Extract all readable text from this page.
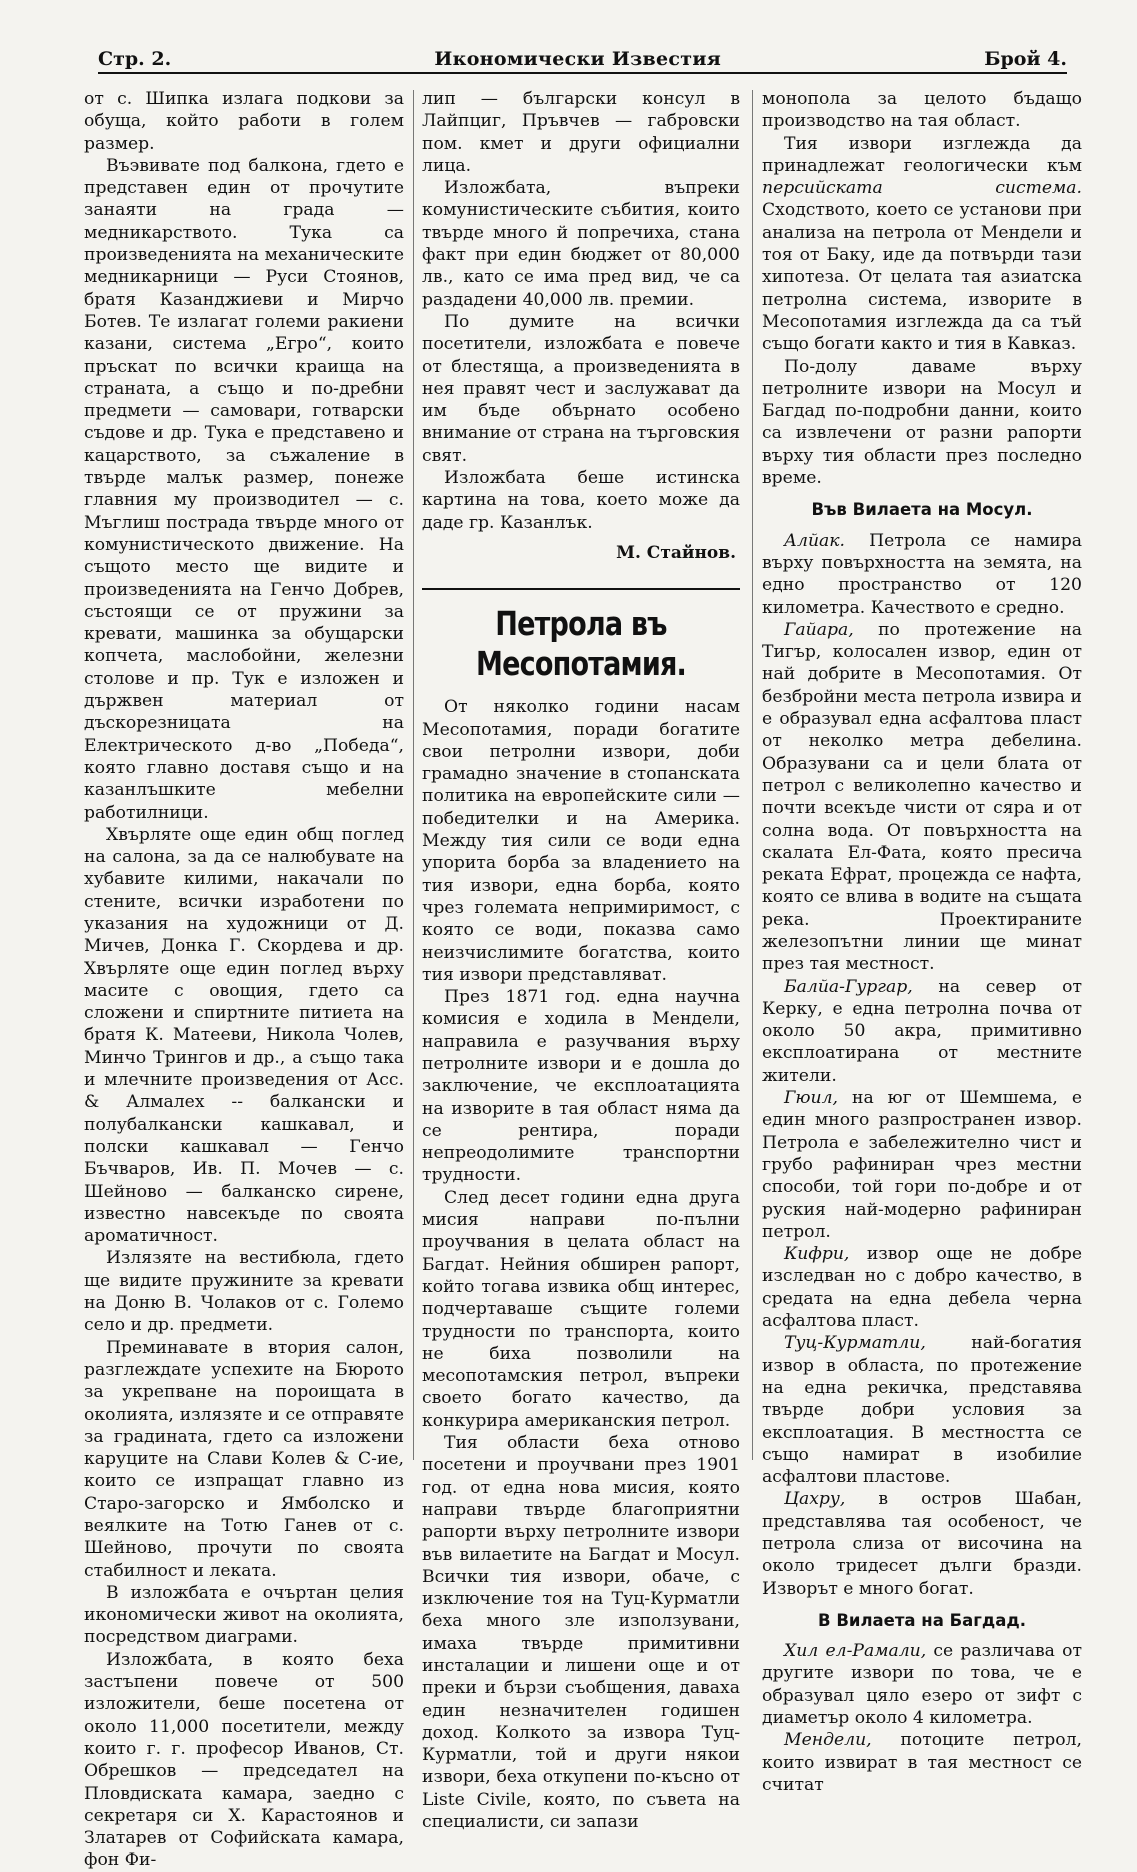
Стр. 2.	Икономически Известия	Брой 4.

от с. Шипка излага подкови за обуща, който работи в голем размер.

Въэвивате под балкона, гдето е представен един от прочутите занаяти на града — медникарството. Тука са произведенията на механическите медникарници — Руси Стоянов, братя Казанджиеви и Мирчо Ботев. Те излагат големи ракиени казани, система „Егро“, които пръскат по всички краища на страната, а също и по-дребни предмети — самовари, готварски съдове и др. Тука е представено и кацарството, за съжаление в твърде малък размер, понеже главния му производител — с. Мъглиш пострада твърде много от комунистическото движение. На същото место ще видите и произведенията на Генчо Добрев, състоящи се от пружини за кревати, машинка за обущарски копчета, маслобойни, железни столове и пр. Тук е изложен и държвен материал от дъскорезницата на Електрическото д-во „Победа“, която главно доставя също и на казанлъшките мебелни работилници.

Хвърляте още един общ поглед на салона, за да се налюбувате на хубавите килими, накачали по стените, всички изработени по указания на художници от Д. Мичев, Донка Г. Скордева и др. Хвърляте още един поглед върху масите с овощия, гдето са сложени и спиртните питиета на братя К. Матееви, Никола Чолев, Минчо Трингов и др., а също така и млечните произведения от Асс. & Алмалех -- балкански и полубалкански кашкавал, и полски кашкавал — Генчо Бъчваров, Ив. П. Мочев — с. Шейново — балканско сирене, известно навсекъде по своята ароматичност.

Излязяте на вестибюла, гдето ще видите пружините за кревати на Доню В. Чолаков от с. Големо село и др. предмети.

Преминавате в втория салон, разглеждате успехите на Бюрото за укрепване на пороищата в околията, излязяте и се отправяте за градината, гдето са изложени каруците на Слави Колев & С-ие, които се изпращат главно из Старо-загорско и Ямболско и веялките на Тотю Ганев от с. Шейново, прочути по своята стабилност и леката.

В изложбата е очъртан целия икономически живот на околията, посредством диаграми.

Изложбата, в която беха застъпени повече от 500 изложители, беше посетена от около 11,000 посетители, между които г. г. професор Иванов, Ст. Обрешков — председател на Пловдиската камара, заедно с секретаря си Х. Карастоянов и Златарев от Софийската камара, фон Фи-

лип — български консул в Лайпциг, Пръвчев — габровски пом. кмет и други официални лица.

Изложбата, въпреки комунистическите събития, които твърде много й попречиха, стана факт при един бюджет от 80,000 лв., като се има пред вид, че са раздадени 40,000 лв. премии.

По думите на всички посетители, изложбата е повече от блестяща, а произведенията в нея правят чест и заслужават да им бъде обърнато особено внимание от страна на търговския свят.

Изложбата беше истинска картина на това, което може да даде гр. Казанлък.

М. Стайнов.
Петрола въ Месопотамия.

От няколко години насам Месопотамия, поради богатите свои петролни извори, доби грамадно значение в стопанската политика на европейските сили — победителки и на Америка. Между тия сили се води една упорита борба за владението на тия извори, една борба, която чрез големата непримиримост, с която се води, показва само неизчислимите богатства, които тия извори представляват.

През 1871 год. една научна комисия е ходила в Мендели, направила е разучвания върху петролните извори и е дошла до заключение, че експлоатацията на изворите в тая област няма да се рентира, поради непреодолимите транспортни трудности.

След десет години една друга мисия направи по-пълни проучвания в целата област на Багдат. Нейния обширен рапорт, който тогава извика общ интерес, подчертаваше същите големи трудности по транспорта, които не биха позволили на месопотамския петрол, въпреки своето богато качество, да конкурира американския петрол.

Тия области беха отново посетени и проучвани през 1901 год. от една нова мисия, която направи твърде благоприятни рапорти върху петролните извори във вилаетите на Багдат и Мосул. Всички тия извори, обаче, с изключение тоя на Туц-Курматли беха много зле използувани, имаха твърде примитивни инсталации и лишени още и от преки и бързи съобщения, даваха един незначителен годишен доход. Колкото за извора Туц-Курматли, той и други някои извори, беха откупени по-късно от Liste Civile, която, по съвета на специалисти, си запази

монопола за целото бъдащо производство на тая област.

Тия извори изглежда да принадлежат геологически към персийската система. Сходството, което се установи при анализа на петрола от Мендели и тоя от Баку, иде да потвърди тази хипотеза. От целата тая азиатска петролна система, изворите в Месопотамия изглежда да са тъй също богати както и тия в Кавказ.

По-долу даваме върху петролните извори на Мосул и Багдад по-подробни данни, които са извлечени от разни рапорти върху тия области през последно време.

Във Вилаета на Мосул.

Алйак. Петрола се намира върху повърхността на земята, на едно пространство от 120 километра. Качеството е средно.

Гайара, по протежение на Тигър, колосален извор, един от най добрите в Месопотамия. От безбройни места петрола извира и е образувал една асфалтова пласт от неколко метра дебелина. Образувани са и цели блата от петрол с великолепно качество и почти всекъде чисти от сяра и от солна вода. От повърхността на скалата Ел-Фата, която пресича реката Ефрат, процежда се нафта, която се влива в водите на същата река. Проектираните железопътни линии ще минат през тая местност.

Балйа-Гургар, на север от Керку, е една петролна почва от около 50 акра, примитивно експлоатирана от местните жители.

Гюил, на юг от Шемшема, е един много разпространен извор. Петрола е забележително чист и грубо рафиниран чрез местни способи, той гори по-добре и от руския най-модерно рафиниран петрол.

Кифри, извор още не добре изследван но с добро качество, в средата на една дебела черна асфалтова пласт.

Туц-Курматли, най-богатия извор в областа, по протежение на една рекичка, представява твърде добри условия за експлоатация. В местността се също намират в изобилие асфалтови пластове.

Цахру, в остров Шабан, представлява тая особеност, че петрола слиза от височина на около тридесет дълги бразди. Изворът е много богат.

В Вилаета на Багдад.

Хил ел-Рамали, се различава от другите извори по това, че е образувал цяло езеро от зифт с диаметър около 4 километра.

Мендели, потоците петрол, които извират в тая местност се считат
